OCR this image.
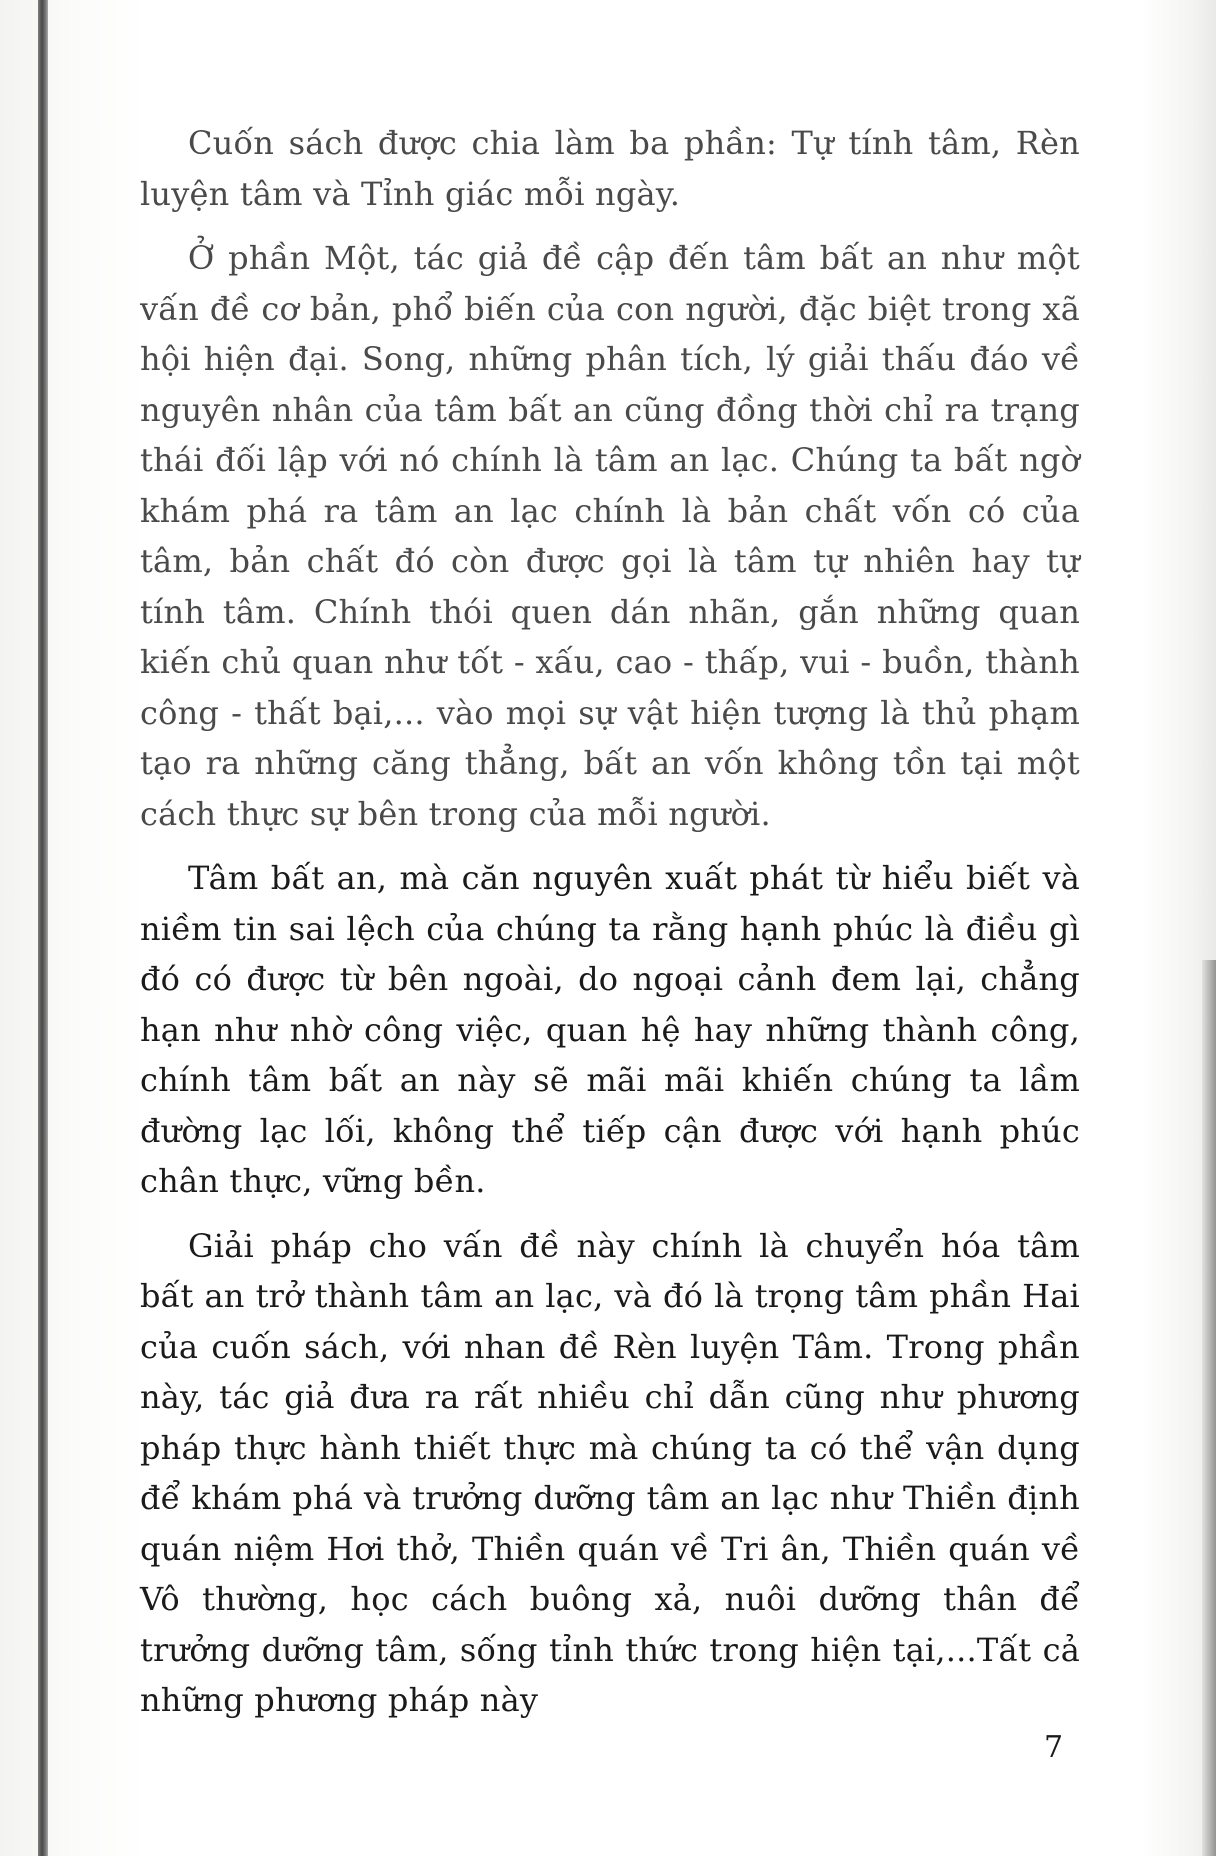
Cuốn sách được chia làm ba phần: Tự tính tâm, Rèn luyện tâm và Tỉnh giác mỗi ngày.

Ở phần Một, tác giả đề cập đến tâm bất an như một vấn đề cơ bản, phổ biến của con người, đặc biệt trong xã hội hiện đại. Song, những phân tích, lý giải thấu đáo về nguyên nhân của tâm bất an cũng đồng thời chỉ ra trạng thái đối lập với nó chính là tâm an lạc. Chúng ta bất ngờ khám phá ra tâm an lạc chính là bản chất vốn có của tâm, bản chất đó còn được gọi là tâm tự nhiên hay tự tính tâm. Chính thói quen dán nhãn, gắn những quan kiến chủ quan như tốt - xấu, cao - thấp, vui - buồn, thành công - thất bại,... vào mọi sự vật hiện tượng là thủ phạm tạo ra những căng thẳng, bất an vốn không tồn tại một cách thực sự bên trong của mỗi người.

Tâm bất an, mà căn nguyên xuất phát từ hiểu biết và niềm tin sai lệch của chúng ta rằng hạnh phúc là điều gì đó có được từ bên ngoài, do ngoại cảnh đem lại, chẳng hạn như nhờ công việc, quan hệ hay những thành công, chính tâm bất an này sẽ mãi mãi khiến chúng ta lầm đường lạc lối, không thể tiếp cận được với hạnh phúc chân thực, vững bền.

Giải pháp cho vấn đề này chính là chuyển hóa tâm bất an trở thành tâm an lạc, và đó là trọng tâm phần Hai của cuốn sách, với nhan đề Rèn luyện Tâm. Trong phần này, tác giả đưa ra rất nhiều chỉ dẫn cũng như phương pháp thực hành thiết thực mà chúng ta có thể vận dụng để khám phá và trưởng dưỡng tâm an lạc như Thiền định quán niệm Hơi thở, Thiền quán về Tri ân, Thiền quán về Vô thường, học cách buông xả, nuôi dưỡng thân để trưởng dưỡng tâm, sống tỉnh thức trong hiện tại,...Tất cả những phương pháp này

7
